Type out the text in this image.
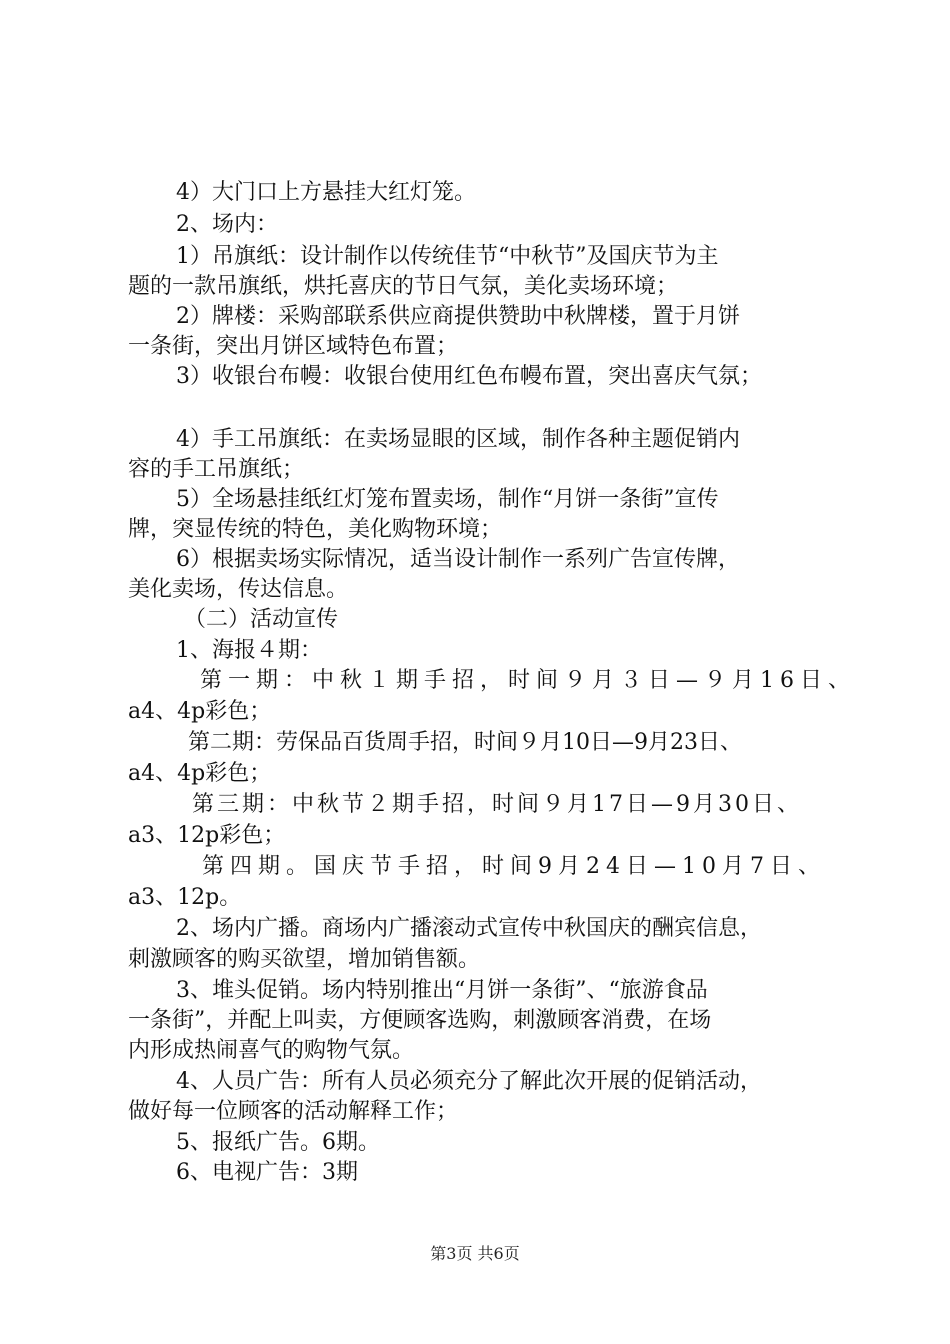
4）大门口上方悬挂大红灯笼。
2、场内：
1）吊旗纸：设计制作以传统佳节“中秋节”及国庆节为主
题的一款吊旗纸，烘托喜庆的节日气氛，美化卖场环境；
2）牌楼：采购部联系供应商提供赞助中秋牌楼，置于月饼
一条街，突出月饼区域特色布置；
3）收银台布幔：收银台使用红色布幔布置，突出喜庆气氛；
4）手工吊旗纸：在卖场显眼的区域，制作各种主题促销内
容的手工吊旗纸；
5）全场悬挂纸红灯笼布置卖场，制作“月饼一条街”宣传
牌，突显传统的特色，美化购物环境；
6）根据卖场实际情况，适当设计制作一系列广告宣传牌，
美化卖场，传达信息。
（二）活动宣传
1、海报４期：
第一期：中秋１期手招，时间９月３日—９月16日、
a4、4p彩色；
第二期：劳保品百货周手招，时间９月10日—9月23日、
a4、4p彩色；
第三期：中秋节２期手招，时间９月17日—9月30日、
a3、12p彩色；
第四期。国庆节手招，时间9月24日—10月7日、
a3、12p。
2、场内广播。商场内广播滚动式宣传中秋国庆的酬宾信息，
刺激顾客的购买欲望，增加销售额。
3、堆头促销。场内特别推出“月饼一条街”、“旅游食品
一条街”，并配上叫卖，方便顾客选购，刺激顾客消费，在场
内形成热闹喜气的购物气氛。
4、人员广告：所有人员必须充分了解此次开展的促销活动，
做好每一位顾客的活动解释工作；
5、报纸广告。6期。
6、电视广告：3期
第3页 共6页
